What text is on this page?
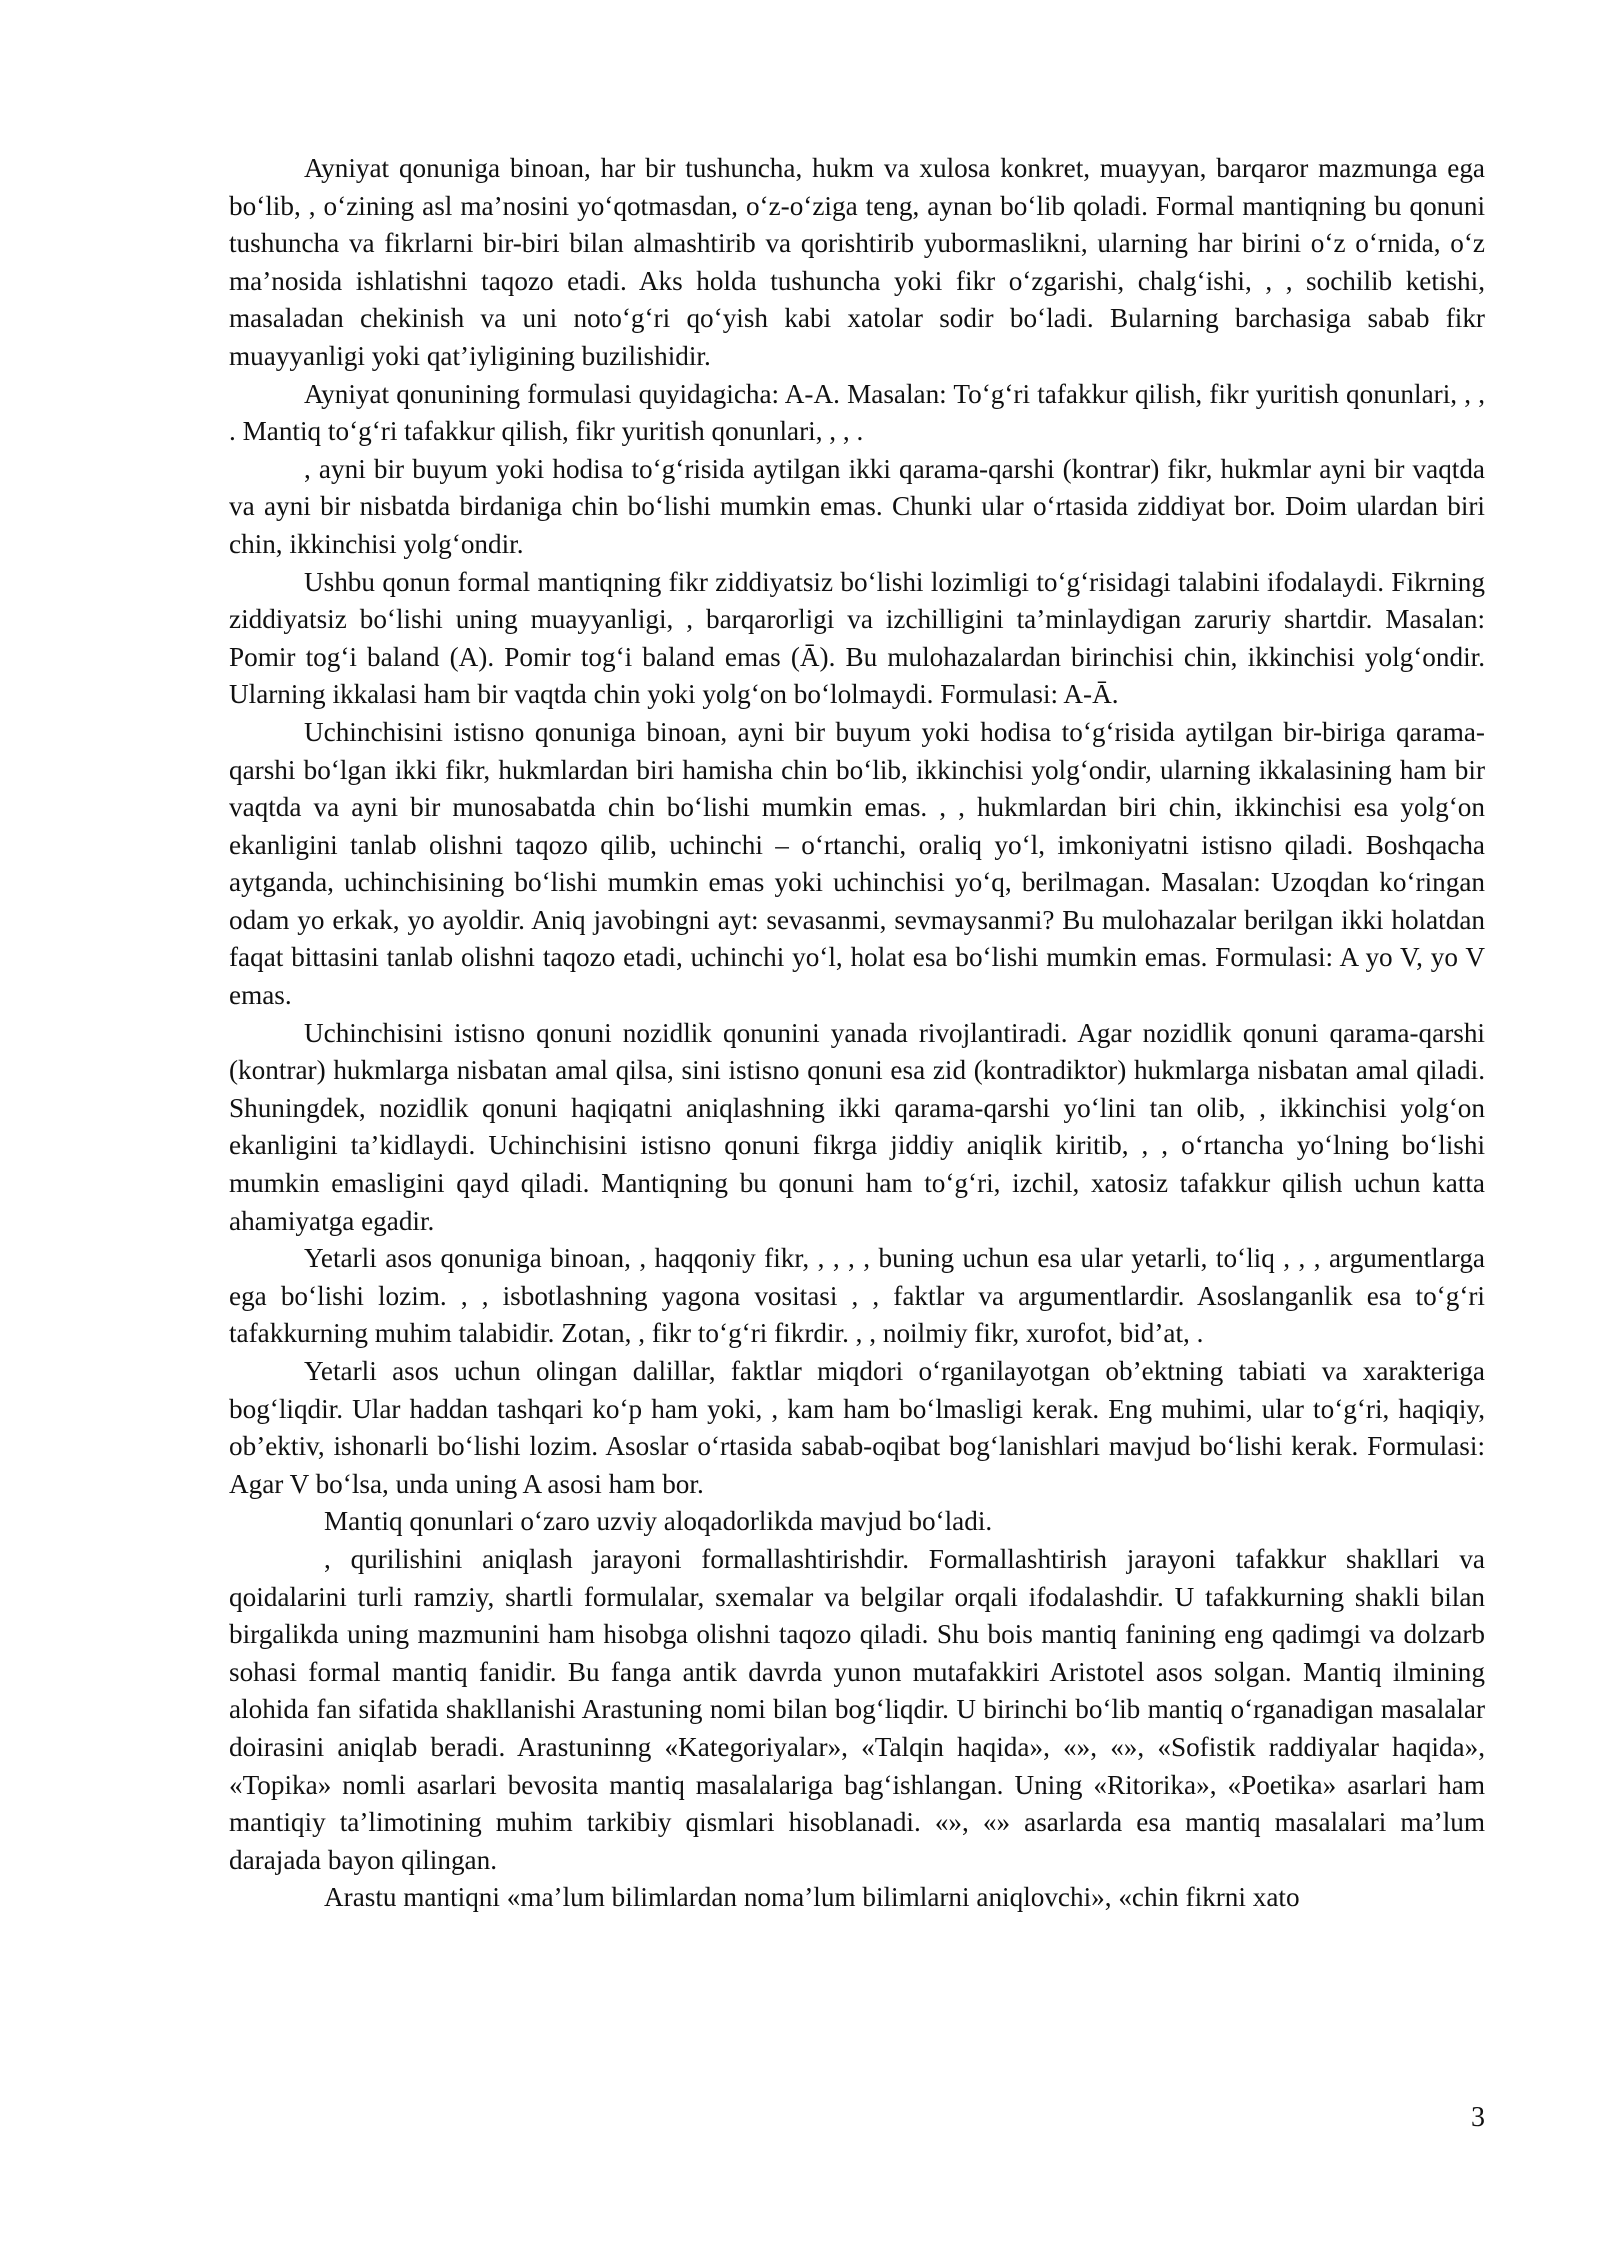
Ayniyat qonuniga binoan, har bir tushuncha, hukm va xulosa konkret, muayyan, barqaror mazmunga ega bo‘lib, , o‘zining asl ma’nosini yo‘qotmasdan, o‘z-o‘ziga teng, aynan bo‘lib qoladi. Formal mantiqning bu qonuni tushuncha va fikrlarni bir-biri bilan almashtirib va qorishtirib yubormaslikni, ularning har birini o‘z o‘rnida, o‘z ma’nosida ishlatishni taqozo etadi. Aks holda tushuncha yoki fikr o‘zgarishi, chalg‘ishi, , , sochilib ketishi, masaladan chekinish va uni noto‘g‘ri qo‘yish kabi xatolar sodir bo‘ladi. Bularning barchasiga sabab fikr muayyanligi yoki qat’iyligining buzilishidir.

Ayniyat qonunining formulasi quyidagicha: A-A. Masalan: To‘g‘ri tafakkur qilish, fikr yuritish qonunlari, , , . Mantiq to‘g‘ri tafakkur qilish, fikr yuritish qonunlari, , , .

, ayni bir buyum yoki hodisa to‘g‘risida aytilgan ikki qarama-qarshi (kontrar) fikr, hukmlar ayni bir vaqtda va ayni bir nisbatda birdaniga chin bo‘lishi mumkin emas. Chunki ular o‘rtasida ziddiyat bor. Doim ulardan biri chin, ikkinchisi yolg‘ondir.

Ushbu qonun formal mantiqning fikr ziddiyatsiz bo‘lishi lozimligi to‘g‘risidagi talabini ifodalaydi. Fikrning ziddiyatsiz bo‘lishi uning muayyanligi, , barqarorligi va izchilligini ta’minlaydigan zaruriy shartdir. Masalan: Pomir tog‘i baland (A). Pomir tog‘i baland emas (Ā). Bu mulohazalardan birinchisi chin, ikkinchisi yolg‘ondir. Ularning ikkalasi ham bir vaqtda chin yoki yolg‘on bo‘lolmaydi. Formulasi: A-Ā.

Uchinchisini istisno qonuniga binoan, ayni bir buyum yoki hodisa to‘g‘risida aytilgan bir-biriga qarama-qarshi bo‘lgan ikki fikr, hukmlardan biri hamisha chin bo‘lib, ikkinchisi yolg‘ondir, ularning ikkalasining ham bir vaqtda va ayni bir munosabatda chin bo‘lishi mumkin emas. , , hukmlardan biri chin, ikkinchisi esa yolg‘on ekanligini tanlab olishni taqozo qilib, uchinchi – o‘rtanchi, oraliq yo‘l, imkoniyatni istisno qiladi. Boshqacha aytganda, uchinchisining bo‘lishi mumkin emas yoki uchinchisi yo‘q, berilmagan. Masalan: Uzoqdan ko‘ringan odam yo erkak, yo ayoldir. Aniq javobingni ayt: sevasanmi, sevmaysanmi? Bu mulohazalar berilgan ikki holatdan faqat bittasini tanlab olishni taqozo etadi, uchinchi yo‘l, holat esa bo‘lishi mumkin emas. Formulasi: A yo V, yo V emas.

Uchinchisini istisno qonuni nozidlik qonunini yanada rivojlantiradi. Agar nozidlik qonuni qarama-qarshi (kontrar) hukmlarga nisbatan amal qilsa, sini istisno qonuni esa zid (kontradiktor) hukmlarga nisbatan amal qiladi. Shuningdek, nozidlik qonuni haqiqatni aniqlashning ikki qarama-qarshi yo‘lini tan olib, , ikkinchisi yolg‘on ekanligini ta’kidlaydi. Uchinchisini istisno qonuni fikrga jiddiy aniqlik kiritib, , , o‘rtancha yo‘lning bo‘lishi mumkin emasligini qayd qiladi. Mantiqning bu qonuni ham to‘g‘ri, izchil, xatosiz tafakkur qilish uchun katta ahamiyatga egadir.

Yetarli asos qonuniga binoan, , haqqoniy fikr, , , , , buning uchun esa ular yetarli, to‘liq , , , argumentlarga ega bo‘lishi lozim. , , isbotlashning yagona vositasi , , faktlar va argumentlardir. Asoslanganlik esa to‘g‘ri tafakkurning muhim talabidir. Zotan, , fikr to‘g‘ri fikrdir. , , noilmiy fikr, xurofot, bid’at, .

Yetarli asos uchun olingan dalillar, faktlar miqdori o‘rganilayotgan ob’ektning tabiati va xarakteriga bog‘liqdir. Ular haddan tashqari ko‘p ham yoki, , kam ham bo‘lmasligi kerak. Eng muhimi, ular to‘g‘ri, haqiqiy, ob’ektiv, ishonarli bo‘lishi lozim. Asoslar o‘rtasida sabab-oqibat bog‘lanishlari mavjud bo‘lishi kerak. Formulasi: Agar V bo‘lsa, unda uning A asosi ham bor.

Mantiq qonunlari o‘zaro uzviy aloqadorlikda mavjud bo‘ladi.

, qurilishini aniqlash jarayoni formallashtirishdir. Formallashtirish jarayoni tafakkur shakllari va qoidalarini turli ramziy, shartli formulalar, sxemalar va belgilar orqali ifodalashdir. U tafakkurning shakli bilan birgalikda uning mazmunini ham hisobga olishni taqozo qiladi. Shu bois mantiq fanining eng qadimgi va dolzarb sohasi formal mantiq fanidir. Bu fanga antik davrda yunon mutafakkiri Aristotel asos solgan. Mantiq ilmining alohida fan sifatida shakllanishi Arastuning nomi bilan bog‘liqdir. U birinchi bo‘lib mantiq o‘rganadigan masalalar doirasini aniqlab beradi. Arastuninng «Kategoriyalar», «Talqin haqida», «», «», «Sofistik raddiyalar haqida», «Topika» nomli asarlari bevosita mantiq masalalariga bag‘ishlangan. Uning «Ritorika», «Poetika» asarlari ham mantiqiy ta’limotining muhim tarkibiy qismlari hisoblanadi. «», «» asarlarda esa mantiq masalalari ma’lum darajada bayon qilingan.

Arastu mantiqni «ma’lum bilimlardan noma’lum bilimlarni aniqlovchi», «chin fikrni xato

3
